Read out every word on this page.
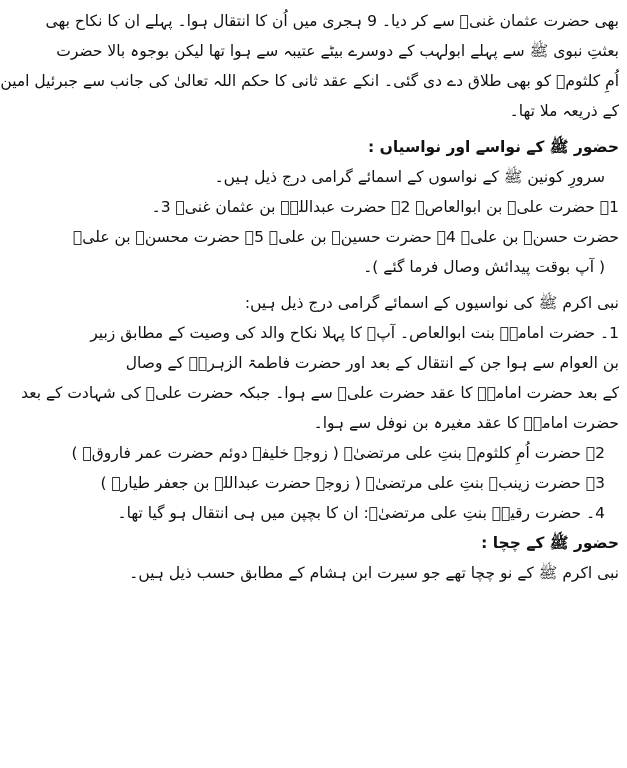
بھی حضرت عثمان غنیؓ سے کر دیا۔ 9 ہجری میں اُن کا انتقال ہوا۔ پہلے ان کا نکاح بھی
بعثتِ نبوی ﷺ سے پہلے ابولہب کے دوسرے بیٹے عتیبہ سے ہوا تھا لیکن بوجوہ بالا حضرت
اُمِ کلثومؓ کو بھی طلاق دے دی گئی۔ انکے عقد ثانی کا حکم اللہ تعالیٰ کی جانب سے جبرئیل امین
کے ذریعہ ملا تھا۔
حضور ﷺ کے نواسے اور نواسیاں :
سرورِ کونین ﷺ کے نواسوں کے اسمائے گرامی درج ذیل ہیں۔
1۔ حضرت علیؓ بن ابوالعاصؓ 2۔ حضرت عبداللہؓ بن عثمان غنیؓ 3۔
حضرت حسنؓ بن علیؓ 4۔ حضرت حسینؓ بن علیؓ 5۔ حضرت محسنؓ بن علیؓ
( آپ بوقت پیدائش وصال فرما گئے )۔
نبی اکرم ﷺ کی نواسیوں کے اسمائے گرامی درج ذیل ہیں:
1۔ حضرت امامہؓ بنت ابوالعاص۔ آپؓ کا پہلا نکاح والد کی وصیت کے مطابق زبیر
بن العوام سے ہوا جن کے انتقال کے بعد اور حضرت فاطمۃ الزہرہؓ کے وصال
کے بعد حضرت امامہؓ کا عقد حضرت علیؓ سے ہوا۔ جبکہ حضرت علیؓ کی شہادت کے بعد
حضرت امامہؓ کا عقد مغیرہ بن نوفل سے ہوا۔
2۔ حضرت اُمِ کلثومؓ بنتِ علی مرتضیٰؓ ( زوجہ خلیفہ دوئم حضرت عمر فاروقؓ )
3۔ حضرت زینبؓ بنتِ علی مرتضیٰؓ ( زوجہ حضرت عبداللہ بن جعفر طیارؓ )
4۔ حضرت رقیہؓ بنتِ علی مرتضیٰؓ: ان کا بچپن میں ہی انتقال ہو گیا تھا۔
حضور ﷺ کے چچا :
نبی اکرم ﷺ کے نو چچا تھے جو سیرت ابن ہشام کے مطابق حسب ذیل ہیں۔
